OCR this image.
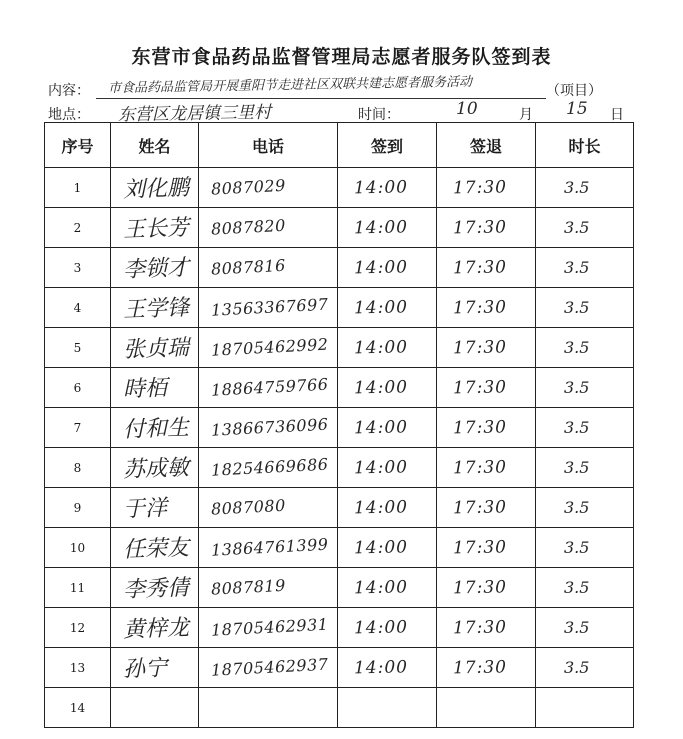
东营市食品药品监督管理局志愿者服务队签到表
内容： 市食品药品监管局开展重阳节走进社区双联共建志愿者服务活动	（项目）
地点： 东营区龙居镇三里村	时间：	10	月 15 日
序号	姓名	电话	签到	签退	时长
1	刘化鹏	8087029	14:00	17:30	3.5
2	王长芳	8087820	14:00	17:30	3.5
3	李锁才	8087816	14:00	17:30	3.5
4	王学锋	13563367697	14:00	17:30	3.5
5	张贞瑞	18705462992	14:00	17:30	3.5
6	時栢	18864759766	14:00	17:30	3.5
7	付和生	13866736096	14:00	17:30	3.5
8	苏成敏	18254669686	14:00	17:30	3.5
9	于洋	8087080	14:00	17:30	3.5
10	任荣友	13864761399	14:00	17:30	3.5
11	李秀倩	8087819	14:00	17:30	3.5
12	黄梓龙	18705462931	14:00	17:30	3.5
13	孙宁	18705462937	14:00	17:30	3.5
14					
